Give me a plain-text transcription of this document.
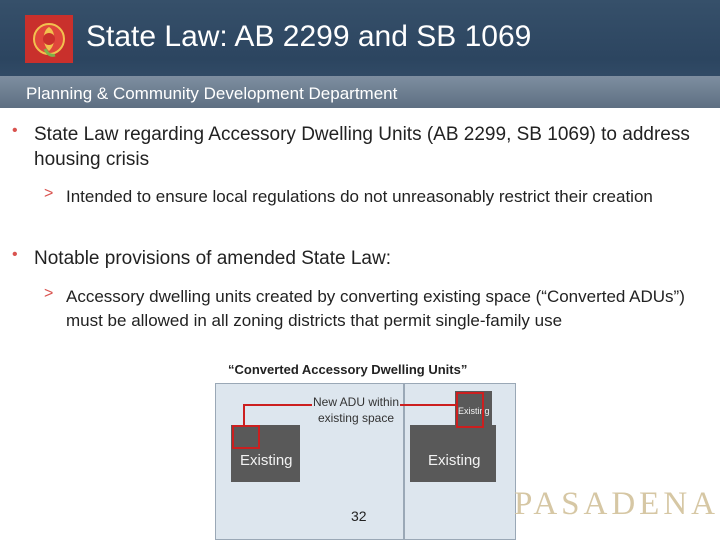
State Law: AB 2299 and SB 1069
Planning & Community Development Department
• State Law regarding Accessory Dwelling Units (AB 2299, SB 1069) to address housing crisis
> Intended to ensure local regulations do not unreasonably restrict their creation
• Notable provisions of amended State Law:
> Accessory dwelling units created by converting existing space (“Converted ADUs”) must be allowed in all zoning districts that permit single-family use
“Converted Accessory Dwelling Units”
Existing	Existing
Existing
New ADU within existing space
32	PASADENA
